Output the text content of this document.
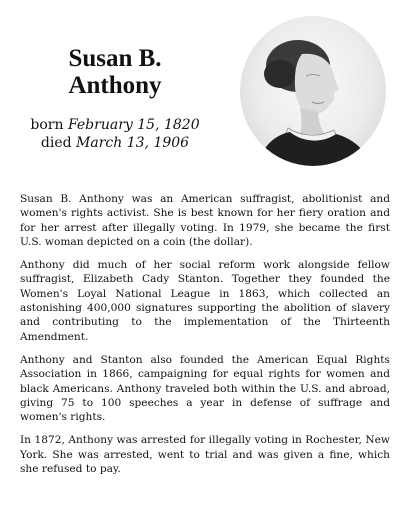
Susan B.
Anthony
born February 15, 1820
died March 13, 1906

Susan B. Anthony was an American suffragist, abolitionist and women's rights activist. She is best known for her fiery oration and for her arrest after illegally voting. In 1979, she became the first U.S. woman depicted on a coin (the dollar).

Anthony did much of her social reform work alongside fellow suffragist, Elizabeth Cady Stanton. Together they founded the Women's Loyal National League in 1863, which collected an astonishing 400,000 signatures supporting the abolition of slavery and contributing to the implementation of the Thirteenth Amendment.

Anthony and Stanton also founded the American Equal Rights Association in 1866, campaigning for equal rights for women and black Americans. Anthony traveled both within the U.S. and abroad, giving 75 to 100 speeches a year in defense of suffrage and women's rights.

In 1872, Anthony was arrested for illegally voting in Rochester, New York. She was arrested, went to trial and was given a fine, which she refused to pay.
